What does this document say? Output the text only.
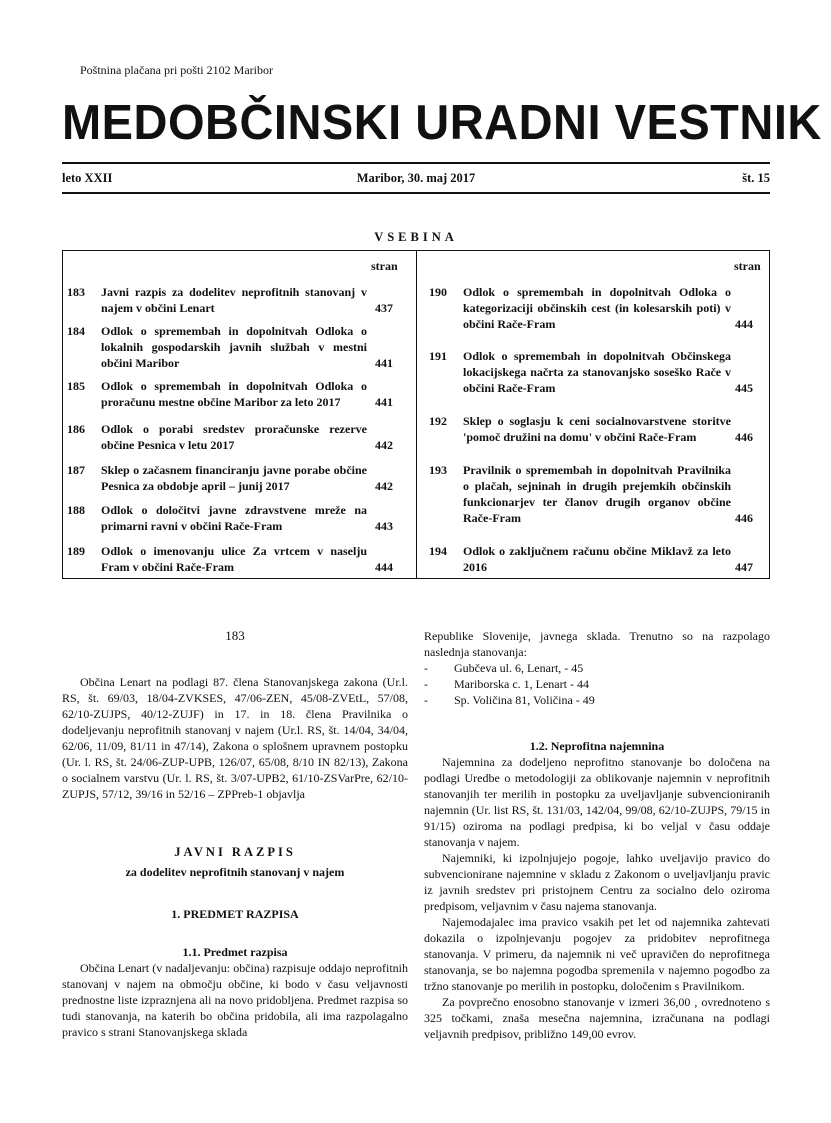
Poštnina plačana pri pošti 2102 Maribor
MEDOBČINSKI URADNI VESTNIK
leto XXII	Maribor, 30. maj 2017	št. 15
VSEBINA
stran	stran
183 Javni razpis za dodelitev neprofitnih stanovanj v najem v občini Lenart	437
184 Odlok o spremembah in dopolnitvah Odloka o lokalnih gospodarskih javnih službah v mestni občini Maribor	441
185 Odlok o spremembah in dopolnitvah Odloka o proračunu mestne občine Maribor za leto 2017	441
186 Odlok o porabi sredstev proračunske rezerve občine Pesnica v letu 2017	442
187 Sklep o začasnem financiranju javne porabe občine Pesnica za obdobje april – junij 2017	442
188 Odlok o določitvi javne zdravstvene mreže na primarni ravni v občini Rače-Fram	443
189 Odlok o imenovanju ulice Za vrtcem v naselju Fram v občini Rače-Fram	444
190 Odlok o spremembah in dopolnitvah Odloka o kategorizaciji občinskih cest (in kolesarskih poti) v občini Rače-Fram	444
191 Odlok o spremembah in dopolnitvah Občinskega lokacijskega načrta za stanovanjsko soseško Rače v občini Rače-Fram	445
192 Sklep o soglasju k ceni socialnovarstvene storitve 'pomoč družini na domu' v občini Rače-Fram	446
193 Pravilnik o spremembah in dopolnitvah Pravilnika o plačah, sejninah in drugih prejemkih občinskih funkcionarjev ter članov drugih organov občine Rače-Fram	446
194 Odlok o zaključnem računu občine Miklavž za leto 2016	447
183
Občina Lenart na podlagi 87. člena Stanovanjskega zakona (Ur.l. RS, št. 69/03, 18/04-ZVKSES, 47/06-ZEN, 45/08-ZVEtL, 57/08, 62/10-ZUJPS, 40/12-ZUJF) in 17. in 18. člena Pravilnika o dodeljevanju neprofitnih stanovanj v najem (Ur.l. RS, št. 14/04, 34/04, 62/06, 11/09, 81/11 in 47/14), Zakona o splošnem upravnem postopku (Ur. l. RS, št. 24/06-ZUP-UPB, 126/07, 65/08, 8/10 IN 82/13), Zakona o socialnem varstvu (Ur. l. RS, št. 3/07-UPB2, 61/10-ZSVarPre, 62/10-ZUPJS, 57/12, 39/16 in 52/16 – ZPPreb-1 objavlja
JAVNI RAZPIS
za dodelitev neprofitnih stanovanj v najem
1. PREDMET RAZPISA
1.1. Predmet razpisa
Občina Lenart (v nadaljevanju: občina) razpisuje oddajo neprofitnih stanovanj v najem na območju občine, ki bodo v času veljavnosti prednostne liste izpraznjena ali na novo pridobljena. Predmet razpisa so tudi stanovanja, na katerih bo občina pridobila, ali ima razpolagalno pravico s strani Stanovanjskega sklada
Republike Slovenije, javnega sklada. Trenutno so na razpolago naslednja stanovanja:
-	Gubčeva ul. 6, Lenart, - 45
-	Mariborska c. 1, Lenart - 44
-	Sp. Voličina 81, Voličina - 49
1.2. Neprofitna najemnina
Najemnina za dodeljeno neprofitno stanovanje bo določena na podlagi Uredbe o metodologiji za oblikovanje najemnin v neprofitnih stanovanjih ter merilih in postopku za uveljavljanje subvencioniranih najemnin (Ur. list RS, št. 131/03, 142/04, 99/08, 62/10-ZUJPS, 79/15 in 91/15) oziroma na podlagi predpisa, ki bo veljal v času oddaje stanovanja v najem.
Najemniki, ki izpolnjujejo pogoje, lahko uveljavijo pravico do subvencionirane najemnine v skladu z Zakonom o uveljavljanju pravic iz javnih sredstev pri pristojnem Centru za socialno delo oziroma predpisom, veljavnim v času najema stanovanja.
Najemodajalec ima pravico vsakih pet let od najemnika zahtevati dokazila o izpolnjevanju pogojev za pridobitev neprofitnega stanovanja. V primeru, da najemnik ni več upravičen do neprofitnega stanovanja, se bo najemna pogodba spremenila v najemno pogodbo za tržno stanovanje po merilih in postopku, določenim s Pravilnikom.
Za povprečno enosobno stanovanje v izmeri 36,00 , ovrednoteno s 325 točkami, znaša mesečna najemnina, izračunana na podlagi veljavnih predpisov, približno 149,00 evrov.
